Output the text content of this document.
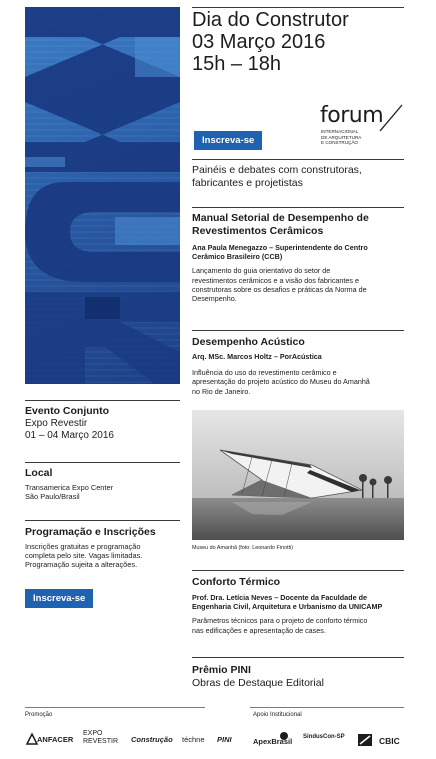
Dia do Construtor
03 Março 2016
15h – 18h
Inscreva-se
forum
INTERNACIONAL
DE ARQUITETURA
E CONSTRUÇÃO
Painéis e debates com construtoras,
fabricantes e projetistas
Manual Setorial de Desempenho de
Revestimentos Cerâmicos
Ana Paula Menegazzo – Superintendente do Centro
Cerâmico Brasileiro (CCB)
Lançamento do guia orientativo do setor de
revestimentos cerâmicos e a visão dos fabricantes e
construtoras sobre os desafios e práticas da Norma de
Desempenho.
Desempenho Acústico
Arq. MSc. Marcos Holtz – PorAcústica
Influência do uso do revestimento cerâmico e
apresentação do projeto acústico do Museu do Amanhã
no Rio de Janeiro.
Museu do Amanhã (foto: Leonardo Finotti)
Conforto Térmico
Prof. Dra. Letícia Neves – Docente da Faculdade de
Engenharia Civil, Arquitetura e Urbanismo da UNICAMP
Parâmetros técnicos para o projeto de conforto térmico
nas edificações e apresentação de cases.
Prêmio PINI
Obras de Destaque Editorial
Evento Conjunto
Expo Revestir
01 – 04 Março 2016
Local
Transamerica Expo Center
São Paulo/Brasil
Programação e Inscrições
Inscrições gratuitas e programação
completa pelo site. Vagas limitadas.
Programação sujeita a alterações.
Inscreva-se
Promoção	Apoio Institucional
ANFACER
EXPO REVESTIR Construção téchne PINI	ApexBrasil SindusCon-SP	CBIC
